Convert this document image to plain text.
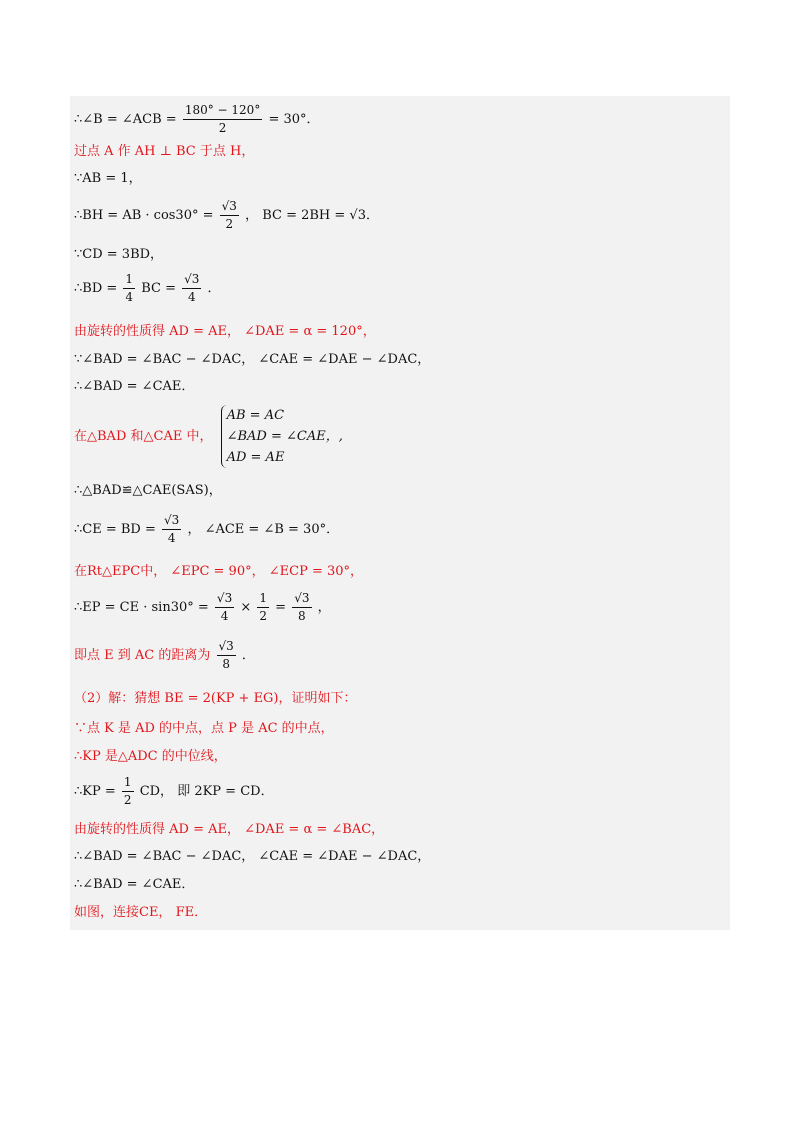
∴∠B = ∠ACB = $\frac{180^\circ - 120^\circ}{2} = 30^\circ$．
过点 A 作 AH ⊥ BC 于点 H，
∵AB = 1，
∴BH = AB · $\cos 30^\circ = \frac{√3}{2}$ ， BC = 2BH = √3．
∵CD = 3BD，
∴BD = $\frac{1}{4}$ BC = $\frac{√3}{4}$ ．
由旋转的性质得 AD = AE， ∠DAE = α = 120°，
∵∠BAD = ∠BAC − ∠DAC， ∠CAE = ∠DAE − ∠DAC，
∴∠BAD = ∠CAE．
在△BAD 和△CAE 中，
AB = AC
∠BAD = ∠CAE，,
AD = AE
∴△BAD≌△CAE(SAS)，
∴CE = BD = $\frac{√3}{4}$ ， ∠ACE = ∠B = 30°．
在Rt△EPC中， ∠EPC = 90°， ∠ECP = 30°，
∴EP = CE · $\sin 30^\circ = \frac{√3}{4} \times \frac{1}{2} = \frac{√3}{8}$ ，
即点 E 到 AC 的距离为 $\frac{√3}{8}$ ．
（2）解：猜想 BE = 2(KP + EG)，证明如下：
∵点 K 是 AD 的中点，点 P 是 AC 的中点，
∴KP 是△ADC 的中位线，
∴KP = $\frac{1}{2}$ CD， 即 2KP = CD．
由旋转的性质得 AD = AE， ∠DAE = α = ∠BAC，
∴∠BAD = ∠BAC − ∠DAC， ∠CAE = ∠DAE − ∠DAC，
∴∠BAD = ∠CAE．
如图，连接CE， FE．
